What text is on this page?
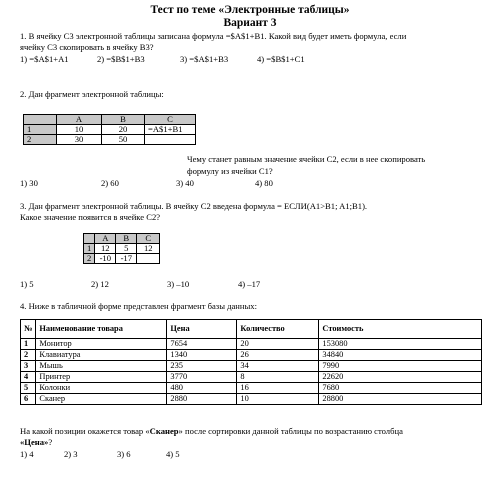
Тест по теме «Электронные таблицы»
Вариант 3
1. В ячейку C3 электронной таблицы записана формула =$A$1+B1. Какой вид будет иметь формула, если
ячейку C3 скопировать в ячейку B3?
1) =$A$1+A1	2) =$B$1+B3	3) =$A$1+B3	4) =$B$1+C1
2. Дан фрагмент электронной таблицы:
	A	B	C
1	10	20	=A$1+B1
2	30	50	
Чему станет равным значение ячейки C2, если в нее скопировать
формулу из ячейки C1?
1) 30	2) 60	3) 40	4) 80
3. Дан фрагмент электронной таблицы. В ячейку C2 введена формула = ЕСЛИ(A1>B1; A1;B1).
Какое значение появится в ячейке C2?
	A	B	C
1	12	5	12
2	-10	-17	
1) 5	2) 12	3) –10	4) –17
4. Ниже в табличной форме представлен фрагмент базы данных:
№	Наименование товара	Цена	Количество	Стоимость
1	Монитор	7654	20	153080
2	Клавиатура	1340	26	34840
3	Мышь	235	34	7990
4	Принтер	3770	8	22620
5	Колонки	480	16	7680
6	Сканер	2880	10	28800
На какой позиции окажется товар «Сканер» после сортировки данной таблицы по возрастанию столбца
«Цена»?
1) 4	2) 3	3) 6	4) 5
